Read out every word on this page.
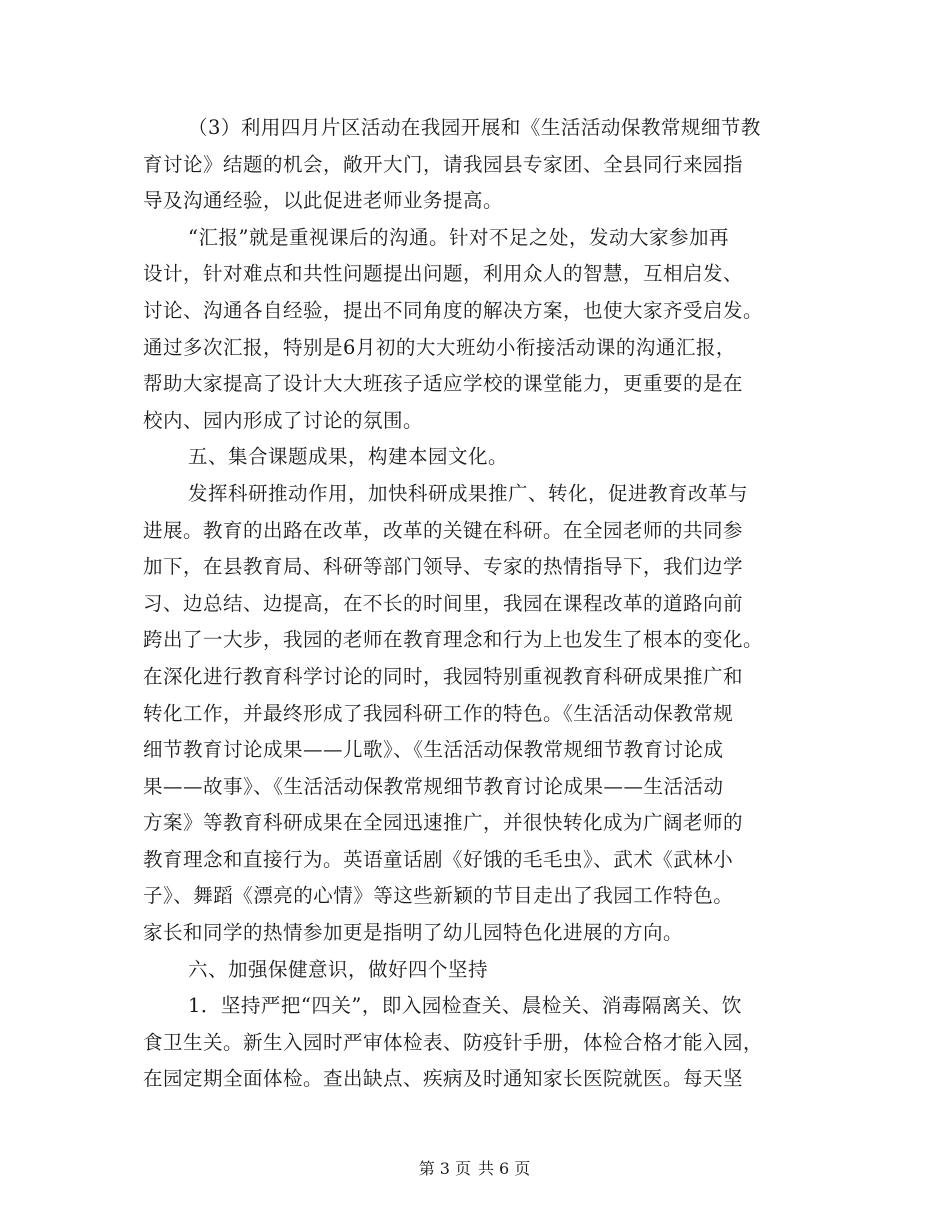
（3）利用四月片区活动在我园开展和《生活活动保教常规细节教
育讨论》结题的机会，敞开大门，请我园县专家团、全县同行来园指
导及沟通经验，以此促进老师业务提高。
“汇报”就是重视课后的沟通。针对不足之处，发动大家参加再
设计，针对难点和共性问题提出问题，利用众人的智慧，互相启发、
讨论、沟通各自经验，提出不同角度的解决方案，也使大家齐受启发。
通过多次汇报，特别是6月初的大大班幼小衔接活动课的沟通汇报，
帮助大家提高了设计大大班孩子适应学校的课堂能力，更重要的是在
校内、园内形成了讨论的氛围。
五、集合课题成果，构建本园文化。
发挥科研推动作用，加快科研成果推广、转化，促进教育改革与
进展。教育的出路在改革，改革的关键在科研。在全园老师的共同参
加下，在县教育局、科研等部门领导、专家的热情指导下，我们边学
习、边总结、边提高，在不长的时间里，我园在课程改革的道路向前
跨出了一大步，我园的老师在教育理念和行为上也发生了根本的变化。
在深化进行教育科学讨论的同时，我园特别重视教育科研成果推广和
转化工作，并最终形成了我园科研工作的特色。《生活活动保教常规
细节教育讨论成果——儿歌》、《生活活动保教常规细节教育讨论成
果——故事》、《生活活动保教常规细节教育讨论成果——生活活动
方案》等教育科研成果在全园迅速推广，并很快转化成为广阔老师的
教育理念和直接行为。英语童话剧《好饿的毛毛虫》、武术《武林小
子》、舞蹈《漂亮的心情》等这些新颖的节目走出了我园工作特色。
家长和同学的热情参加更是指明了幼儿园特色化进展的方向。
六、加强保健意识，做好四个坚持
1．坚持严把“四关”，即入园检查关、晨检关、消毒隔离关、饮
食卫生关。新生入园时严审体检表、防疫针手册，体检合格才能入园，
在园定期全面体检。查出缺点、疾病及时通知家长医院就医。每天坚
第 3 页 共 6 页
